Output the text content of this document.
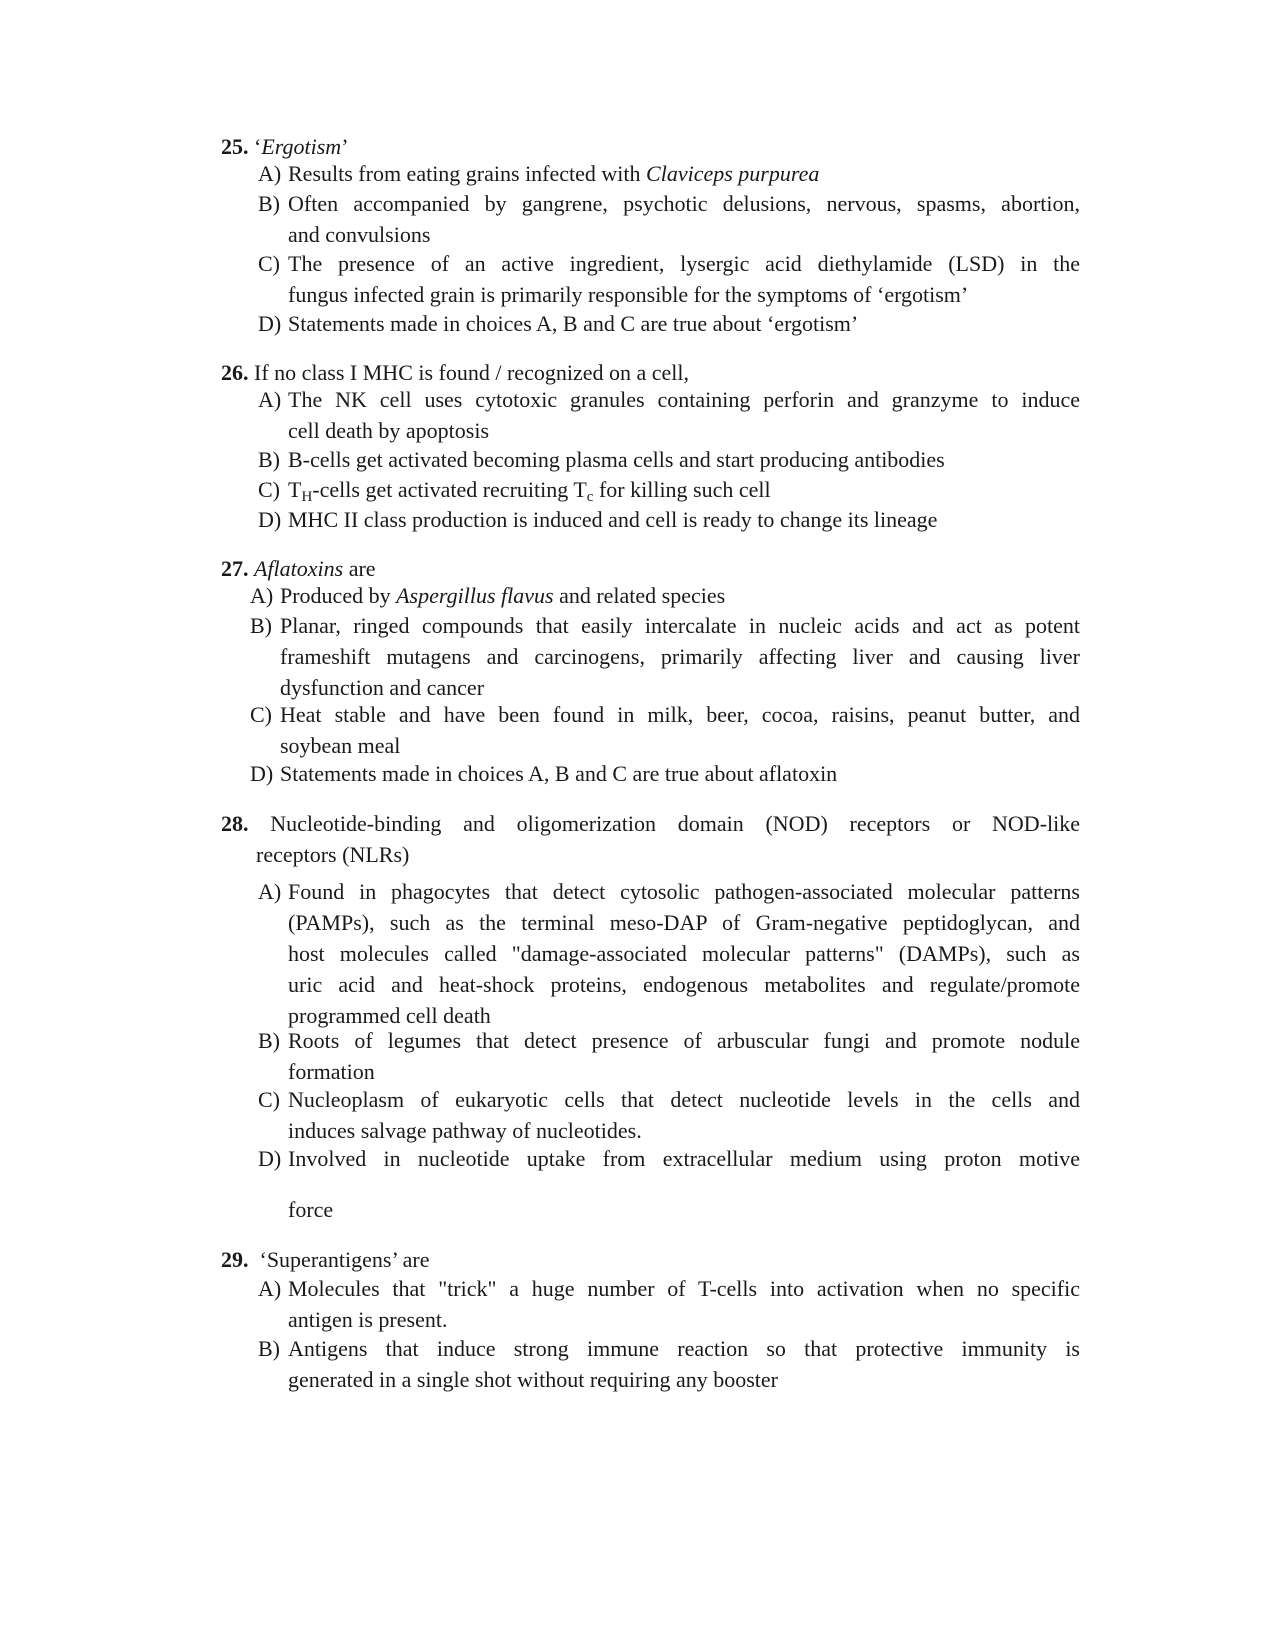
25. ‘Ergotism’

A) Results from eating grains infected with Claviceps purpurea
B) Often accompanied by gangrene, psychotic delusions, nervous, spasms, abortion,
and convulsions
C) The presence of an active ingredient, lysergic acid diethylamide (LSD) in the
fungus infected grain is primarily responsible for the symptoms of ‘ergotism’
D) Statements made in choices A, B and C are true about ‘ergotism’

26. If no class I MHC is found / recognized on a cell,

A) The NK cell uses cytotoxic granules containing perforin and granzyme to induce
cell death by apoptosis
B) B-cells get activated becoming plasma cells and start producing antibodies
C) $T_H$-cells get activated recruiting $T_c$ for killing such cell
D) MHC II class production is induced and cell is ready to change its lineage

27. Aflatoxins are

A) Produced by Aspergillus flavus and related species
B) Planar, ringed compounds that easily intercalate in nucleic acids and act as potent
frameshift mutagens and carcinogens, primarily affecting liver and causing liver
dysfunction and cancer
C) Heat stable and have been found in milk, beer, cocoa, raisins, peanut butter, and
soybean meal
D) Statements made in choices A, B and C are true about aflatoxin
28. Nucleotide-binding and oligomerization domain (NOD) receptors or NOD-like
receptors (NLRs)
A) Found in phagocytes that detect cytosolic pathogen-associated molecular patterns
(PAMPs), such as the terminal meso-DAP of Gram-negative peptidoglycan, and
host molecules called "damage-associated molecular patterns" (DAMPs), such as
uric acid and heat-shock proteins, endogenous metabolites and regulate/promote
programmed cell death
B) Roots of legumes that detect presence of arbuscular fungi and promote nodule
formation
C) Nucleoplasm of eukaryotic cells that detect nucleotide levels in the cells and
induces salvage pathway of nucleotides.
D) Involved in nucleotide uptake from extracellular medium using proton motive
force

29. ‘Superantigens’ are

A) Molecules that "trick" a huge number of T-cells into activation when no specific
antigen is present.
B) Antigens that induce strong immune reaction so that protective immunity is
generated in a single shot without requiring any booster
